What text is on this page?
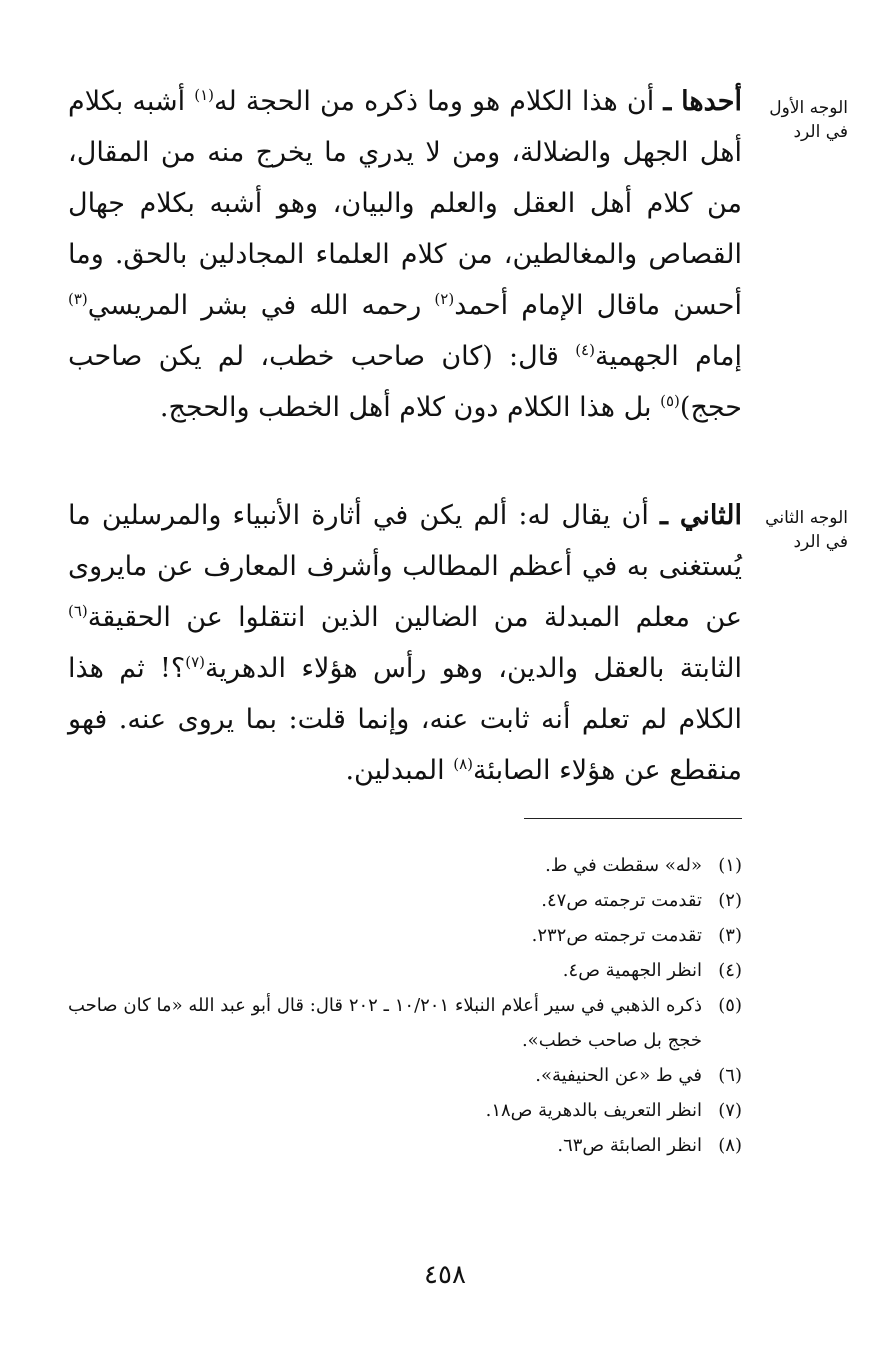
الوجه الأول
في الرد

أحدها ـ أن هذا الكلام هو وما ذكره من الحجة له$^{(١)}$ أشبه بكلام أهل الجهل والضلالة، ومن لا يدري ما يخرج منه من المقال، من كلام أهل العقل والعلم والبيان، وهو أشبه بكلام جهال القصاص والمغالطين، من كلام العلماء المجادلين بالحق. وما أحسن ماقال الإمام أحمد$^{(٢)}$ رحمه الله في بشر المريسي$^{(٣)}$ إمام الجهمية$^{(٤)}$ قال: (كان صاحب خطب، لم يكن صاحب حجج)$^{(٥)}$ بل هذا الكلام دون كلام أهل الخطب والحجج.

الوجه الثاني
في الرد

الثاني ـ أن يقال له: ألم يكن في أثارة الأنبياء والمرسلين ما يُستغنى به في أعظم المطالب وأشرف المعارف عن مايروى عن معلم المبدلة من الضالين الذين انتقلوا عن الحقيقة$^{(٦)}$ الثابتة بالعقل والدين، وهو رأس هؤلاء الدهرية$^{(٧)}$؟! ثم هذا الكلام لم تعلم أنه ثابت عنه، وإنما قلت: بما يروى عنه. فهو منقطع عن هؤلاء الصابئة$^{(٨)}$ المبدلين.

(١)
«له» سقطت في ط.
(٢)
تقدمت ترجمته ص٤٧.
(٣)
تقدمت ترجمته ص٢٣٢.
(٤)
انظر الجهمية ص٤.
(٥)
ذكره الذهبي في سير أعلام النبلاء ١٠/٢٠١ ـ ٢٠٢ قال: قال أبو عبد الله «ما كان صاحب خجج بل صاحب خطب».
(٦)
في ط «عن الحنيفية».
(٧)
انظر التعريف بالدهرية ص١٨.
(٨)
انظر الصابئة ص٦٣.
٤٥٨
